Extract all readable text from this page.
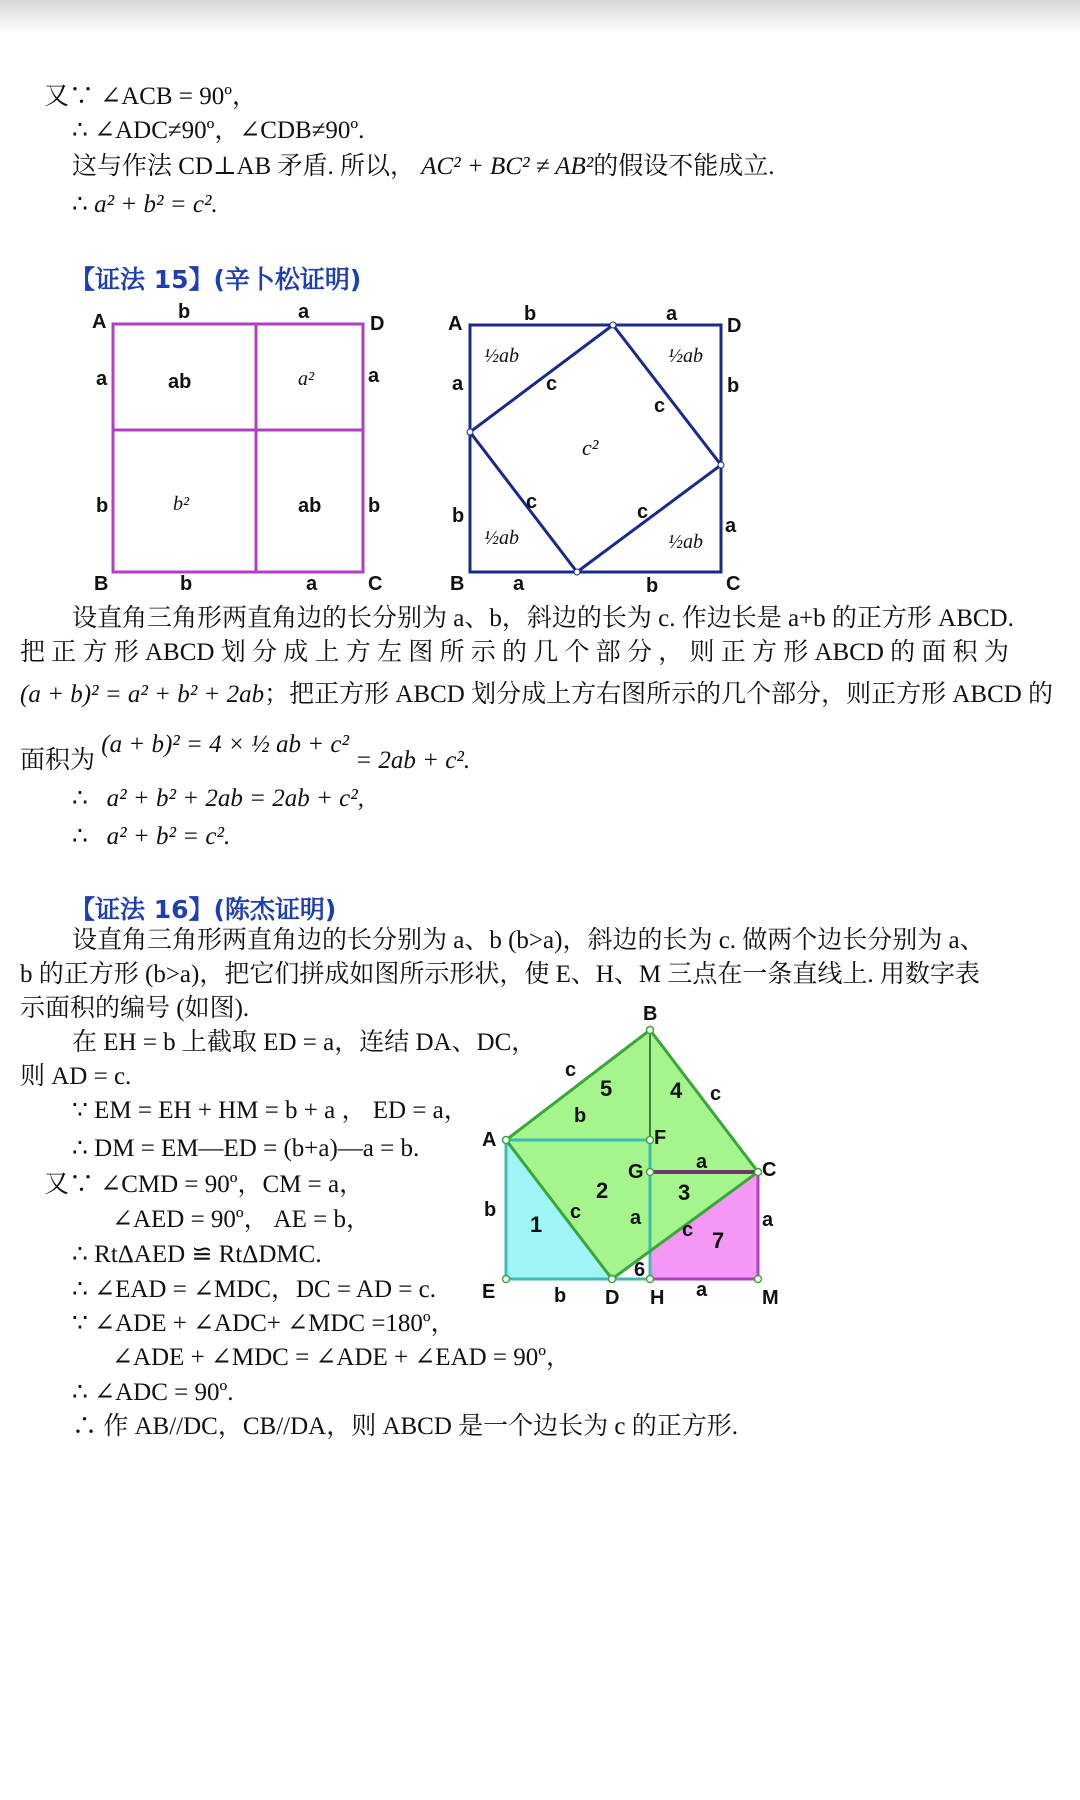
又∵ ∠ACB = 90º，
∴ ∠ADC≠90º，∠CDB≠90º.
这与作法 CD⊥AB 矛盾. 所以， AC² + BC² ≠ AB²的假设不能成立.
∴ a² + b² = c².
【证法 15】(辛卜松证明)
A	D
B	C
b	a
a	a
b	b
b	a
ab
ab
a²
b²
A	D
B	C
b	a
a	b
b	a
a	b
c
c
c	c
c²
½ab	½ab
½ab	½ab
设直角三角形两直角边的长分别为 a、b，斜边的长为 c. 作边长是 a+b 的正方形 ABCD.
把 正 方 形 ABCD 划 分 成 上 方 左 图 所 示 的 几 个 部 分 ， 则 正 方 形 ABCD 的 面 积 为
(a + b)² = a² + b² + 2ab；把正方形 ABCD 划分成上方右图所示的几个部分，则正方形 ABCD 的
面积为 (a + b)² = 4 × ½ ab + c² = 2ab + c².
∴ a² + b² + 2ab = 2ab + c²,
∴ a² + b² = c².
【证法 16】(陈杰证明)
设直角三角形两直角边的长分别为 a、b (b>a)，斜边的长为 c. 做两个边长分别为 a、
b 的正方形 (b>a)，把它们拼成如图所示形状，使 E、H、M 三点在一条直线上. 用数字表
示面积的编号 (如图).
在 EH = b 上截取 ED = a，连结 DA、DC，
则 AD = c.
∵ EM = EH + HM = b + a ， ED = a，
∴ DM = EM—ED = (b+a)—a = b.
又∵ ∠CMD = 90º，CM = a，
∠AED = 90º， AE = b，
∴ RtΔAED ≌ RtΔDMC.
∴ ∠EAD = ∠MDC，DC = AD = c.
∵ ∠ADE + ∠ADC+ ∠MDC =180º，
∠ADE + ∠MDC = ∠ADE + ∠EAD = 90º，
∴ ∠ADC = 90º.
∴ 作 AB//DC，CB//DA，则 ABCD 是一个边长为 c 的正方形.
B
A
C
D
E
F
G
H	M
c
c
b
a
b	c a
c	a
b	a
1
2	3
4
5
6
7
